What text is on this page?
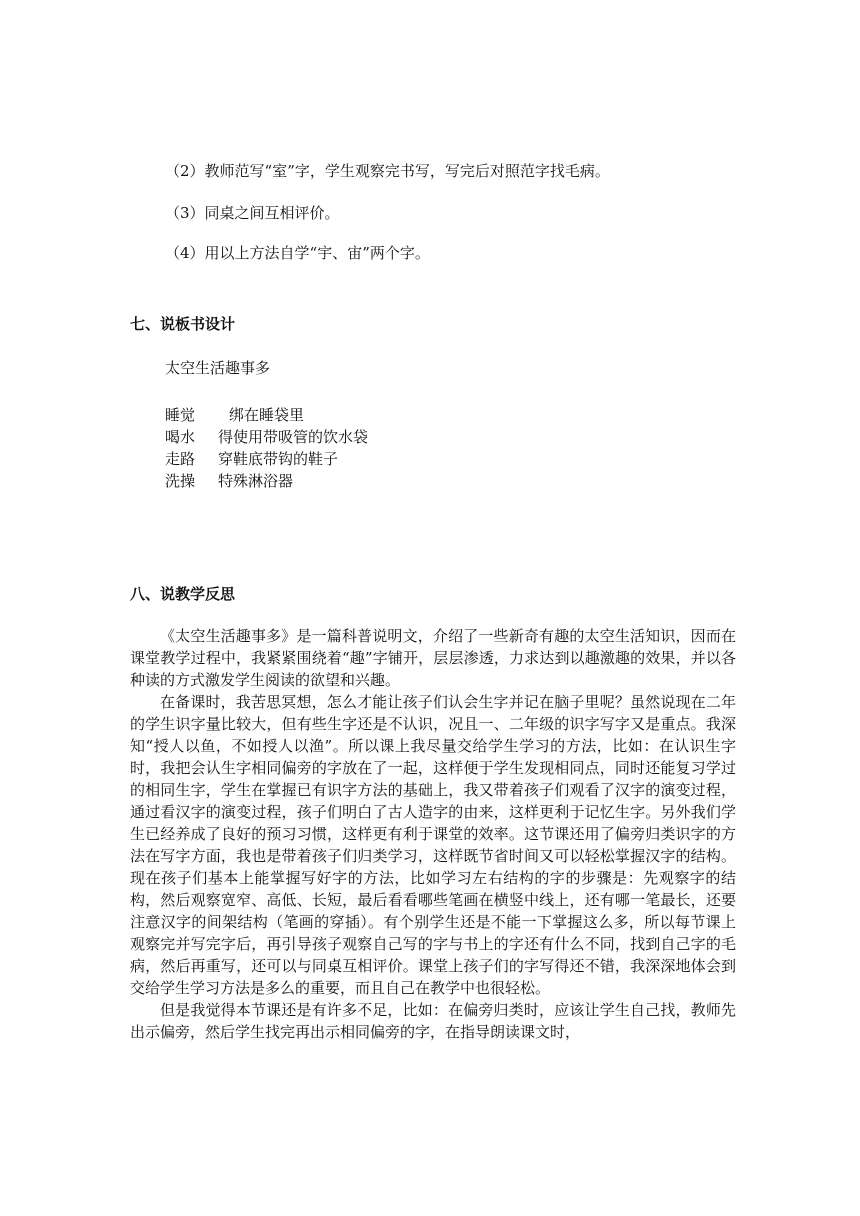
（2）教师范写“室”字，学生观察完书写，写完后对照范字找毛病。
（3）同桌之间互相评价。
（4）用以上方法自学“宇、宙”两个字。
七、说板书设计
太空生活趣事多
睡觉 绑在睡袋里
喝水 得使用带吸管的饮水袋
走路 穿鞋底带钩的鞋子
洗操 特殊淋浴器
八、说教学反思

《太空生活趣事多》是一篇科普说明文，介绍了一些新奇有趣的太空生活知识，因而在课堂教学过程中，我紧紧围绕着“趣”字铺开，层层渗透，力求达到以趣激趣的效果，并以各种读的方式激发学生阅读的欲望和兴趣。

在备课时，我苦思冥想，怎么才能让孩子们认会生字并记在脑子里呢？虽然说现在二年的学生识字量比较大，但有些生字还是不认识，况且一、二年级的识字写字又是重点。我深知“授人以鱼，不如授人以渔”。所以课上我尽量交给学生学习的方法，比如：在认识生字时，我把会认生字相同偏旁的字放在了一起，这样便于学生发现相同点，同时还能复习学过的相同生字，学生在掌握已有识字方法的基础上，我又带着孩子们观看了汉字的演变过程，通过看汉字的演变过程，孩子们明白了古人造字的由来，这样更利于记忆生字。另外我们学生已经养成了良好的预习习惯，这样更有利于课堂的效率。这节课还用了偏旁归类识字的方法在写字方面，我也是带着孩子们归类学习，这样既节省时间又可以轻松掌握汉字的结构。现在孩子们基本上能掌握写好字的方法，比如学习左右结构的字的步骤是：先观察字的结构，然后观察宽窄、高低、长短，最后看看哪些笔画在横竖中线上，还有哪一笔最长，还要注意汉字的间架结构（笔画的穿插）。有个别学生还是不能一下掌握这么多，所以每节课上观察完并写完字后，再引导孩子观察自己写的字与书上的字还有什么不同，找到自己字的毛病，然后再重写，还可以与同桌互相评价。课堂上孩子们的字写得还不错，我深深地体会到交给学生学习方法是多么的重要，而且自己在教学中也很轻松。

但是我觉得本节课还是有许多不足，比如：在偏旁归类时，应该让学生自己找，教师先出示偏旁，然后学生找完再出示相同偏旁的字，在指导朗读课文时，
